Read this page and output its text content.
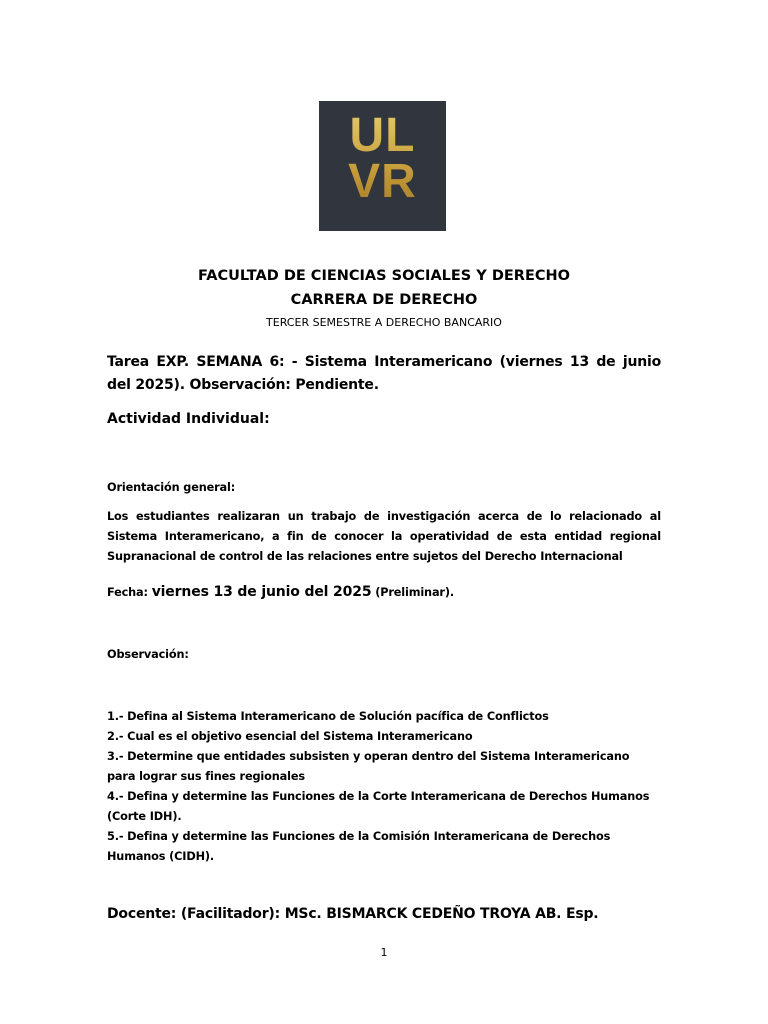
UL
VR
FACULTAD DE CIENCIAS SOCIALES Y DERECHO
CARRERA DE DERECHO
TERCER SEMESTRE A DERECHO BANCARIO
Tarea EXP. SEMANA 6: - Sistema Interamericano (viernes 13 de junio del 2025). Observación: Pendiente.
Actividad Individual:
Orientación general:
Los estudiantes realizaran un trabajo de investigación acerca de lo relacionado al Sistema Interamericano, a fin de conocer la operatividad de esta entidad regional Supranacional de control de las relaciones entre sujetos del Derecho Internacional
Fecha: viernes 13 de junio del 2025 (Preliminar).
Observación:
1.- Defina al Sistema Interamericano de Solución pacífica de Conflictos
2.- Cual es el objetivo esencial del Sistema Interamericano
3.- Determine que entidades subsisten y operan dentro del Sistema Interamericano para lograr sus fines regionales
4.- Defina y determine las Funciones de la Corte Interamericana de Derechos Humanos (Corte IDH).
5.- Defina y determine las Funciones de la Comisión Interamericana de Derechos Humanos (CIDH).
Docente: (Facilitador): MSc. BISMARCK CEDEÑO TROYA AB. Esp.
1
